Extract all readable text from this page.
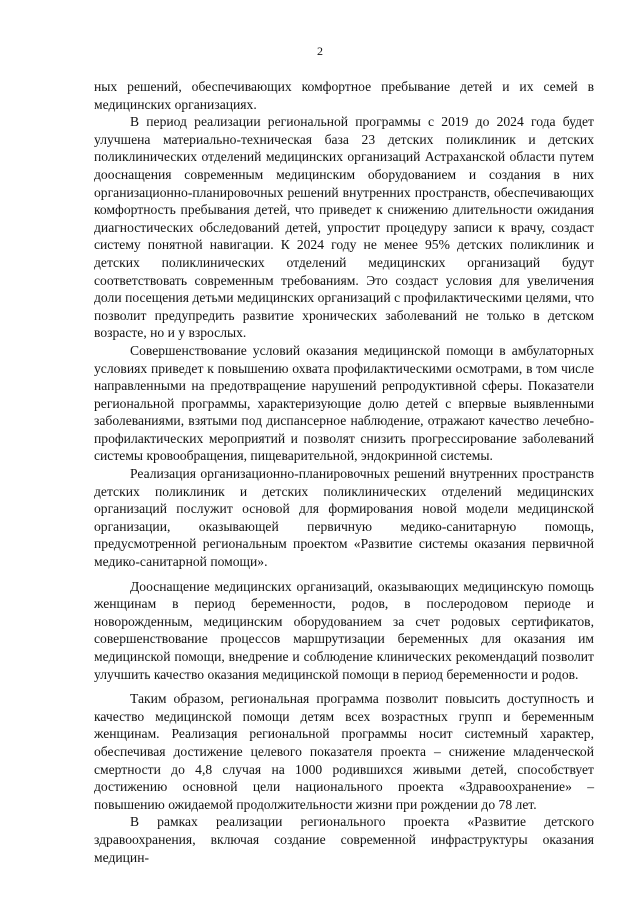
2

ных решений, обеспечивающих комфортное пребывание детей и их семей в медицинских организациях.

В период реализации региональной программы с 2019 до 2024 года будет улучшена материально-техническая база 23 детских поликлиник и детских поликлинических отделений медицинских организаций Астраханской области путем дооснащения современным медицинским оборудованием и создания в них организационно-планировочных решений внутренних пространств, обеспечивающих комфортность пребывания детей, что приведет к снижению длительности ожидания диагностических обследований детей, упростит процедуру записи к врачу, создаст систему понятной навигации. К 2024 году не менее 95% детских поликлиник и детских поликлинических отделений медицинских организаций будут соответствовать современным требованиям. Это создаст условия для увеличения доли посещения детьми медицинских организаций с профилактическими целями, что позволит предупредить развитие хронических заболеваний не только в детском возрасте, но и у взрослых.

Совершенствование условий оказания медицинской помощи в амбулаторных условиях приведет к повышению охвата профилактическими осмотрами, в том числе направленными на предотвращение нарушений репродуктивной сферы. Показатели региональной программы, характеризующие долю детей с впервые выявленными заболеваниями, взятыми под диспансерное наблюдение, отражают качество лечебно-профилактических мероприятий и позволят снизить прогрессирование заболеваний системы кровообращения, пищеварительной, эндокринной системы.

Реализация организационно-планировочных решений внутренних пространств детских поликлиник и детских поликлинических отделений медицинских организаций послужит основой для формирования новой модели медицинской организации, оказывающей первичную медико-санитарную помощь, предусмотренной региональным проектом «Развитие системы оказания первичной медико-санитарной помощи».

Дооснащение медицинских организаций, оказывающих медицинскую помощь женщинам в период беременности, родов, в послеродовом периоде и новорожденным, медицинским оборудованием за счет родовых сертификатов, совершенствование процессов маршрутизации беременных для оказания им медицинской помощи, внедрение и соблюдение клинических рекомендаций позволит улучшить качество оказания медицинской помощи в период беременности и родов.

Таким образом, региональная программа позволит повысить доступность и качество медицинской помощи детям всех возрастных групп и беременным женщинам. Реализация региональной программы носит системный характер, обеспечивая достижение целевого показателя проекта – снижение младенческой смертности до 4,8 случая на 1000 родившихся живыми детей, способствует достижению основной цели национального проекта «Здравоохранение» – повышению ожидаемой продолжительности жизни при рождении до 78 лет.

В рамках реализации регионального проекта «Развитие детского здравоохранения, включая создание современной инфраструктуры оказания медицин-
